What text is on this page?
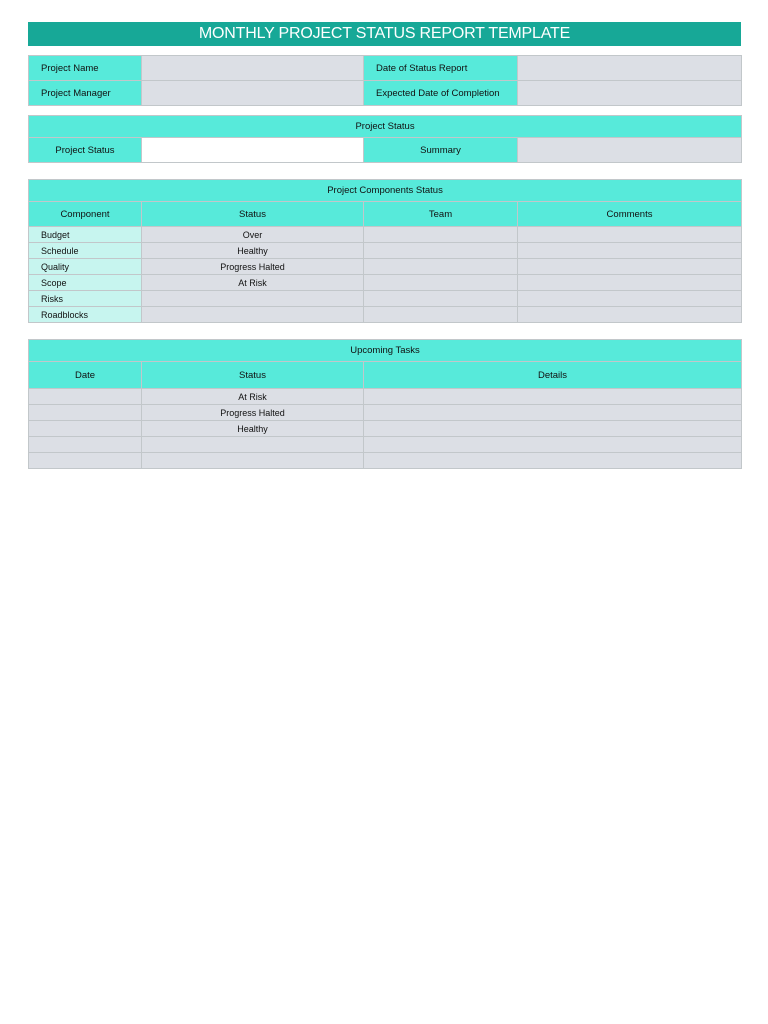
MONTHLY PROJECT STATUS REPORT TEMPLATE
Project Name		Date of Status Report	
Project Manager		Expected Date of Completion	
Project Status
Project Status		Summary	
Project Components Status			
Component	Status	Team	Comments
Budget	Over		
Schedule	Healthy		
Quality	Progress Halted		
Scope	At Risk		
Risks			
Roadblocks			
Upcoming Tasks		
Date	Status	Details
	At Risk	
	Progress Halted	
	Healthy	
